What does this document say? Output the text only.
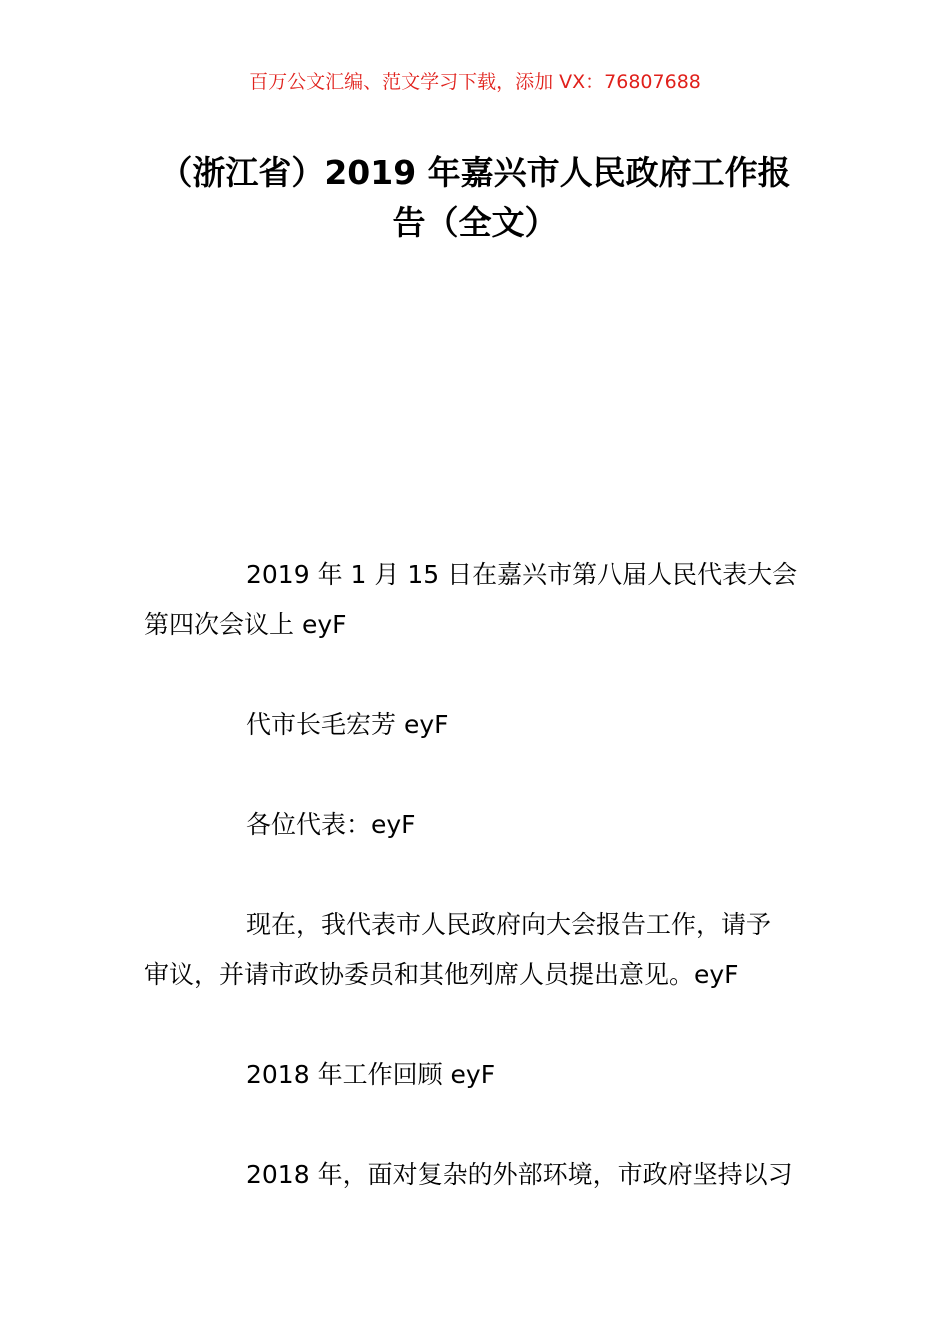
百万公文汇编、范文学习下载，添加 VX：76807688
（浙江省）2019 年嘉兴市人民政府工作报
告（全文）

2019 年 1 月 15 日在嘉兴市第八届人民代表大会
第四次会议上 eyF

代市长毛宏芳 eyF

各位代表：eyF

现在，我代表市人民政府向大会报告工作，请予
审议，并请市政协委员和其他列席人员提出意见。eyF

2018 年工作回顾 eyF

2018 年，面对复杂的外部环境，市政府坚持以习
